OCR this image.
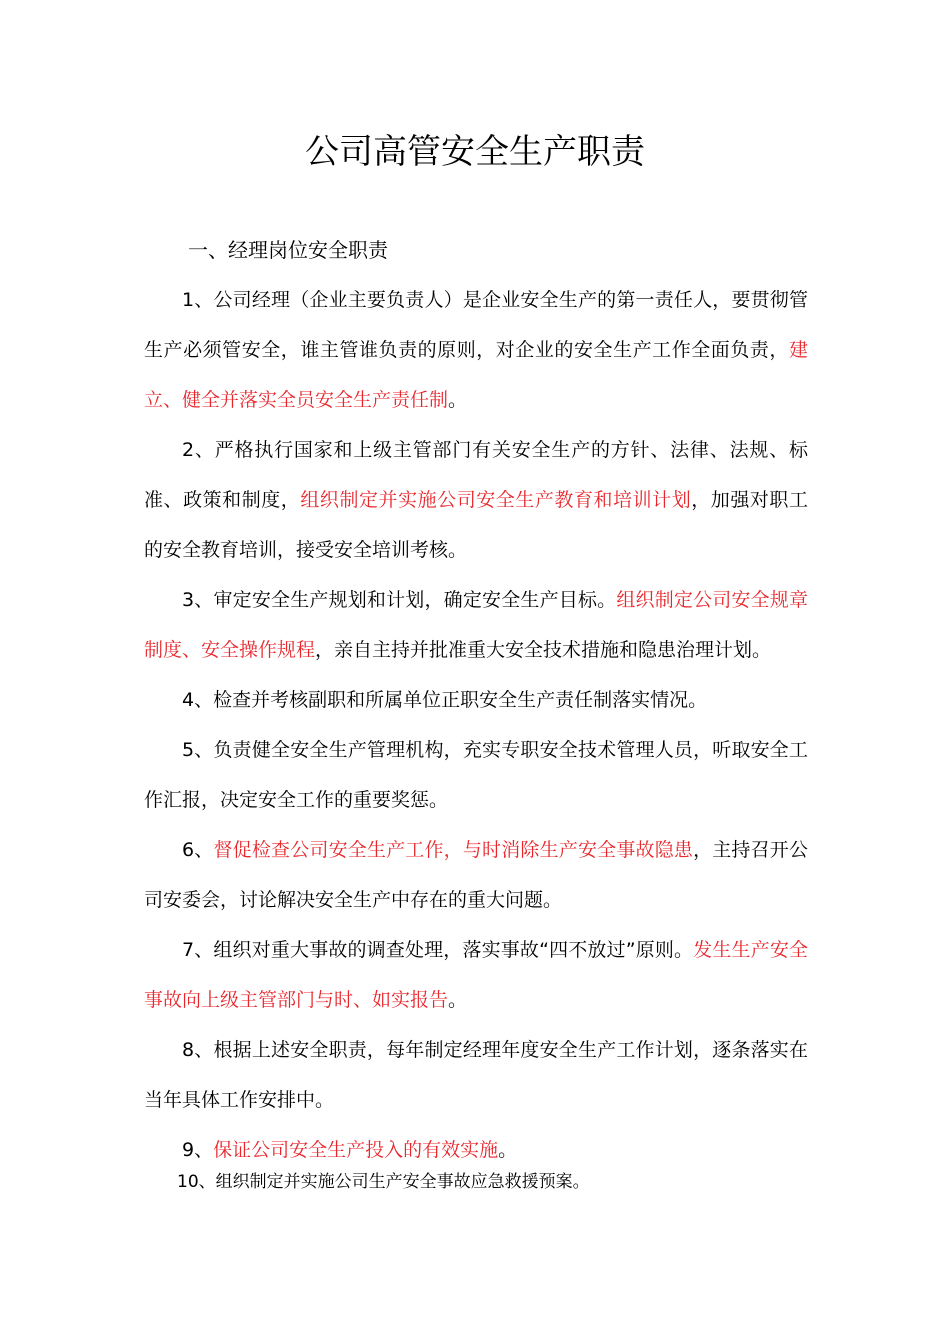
公司高管安全生产职责
一、经理岗位安全职责

1、公司经理（企业主要负责人）是企业安全生产的第一责任人，要贯彻管生产必须管安全，谁主管谁负责的原则，对企业的安全生产工作全面负责，建立、健全并落实全员安全生产责任制。

2、严格执行国家和上级主管部门有关安全生产的方针、法律、法规、标准、政策和制度，组织制定并实施公司安全生产教育和培训计划，加强对职工的安全教育培训，接受安全培训考核。

3、审定安全生产规划和计划，确定安全生产目标。组织制定公司安全规章制度、安全操作规程，亲自主持并批准重大安全技术措施和隐患治理计划。

4、检查并考核副职和所属单位正职安全生产责任制落实情况。

5、负责健全安全生产管理机构，充实专职安全技术管理人员，听取安全工作汇报，决定安全工作的重要奖惩。

6、督促检查公司安全生产工作，与时消除生产安全事故隐患，主持召开公司安委会，讨论解决安全生产中存在的重大问题。

7、组织对重大事故的调查处理，落实事故“四不放过”原则。发生生产安全事故向上级主管部门与时、如实报告。

8、根据上述安全职责，每年制定经理年度安全生产工作计划，逐条落实在当年具体工作安排中。

9、保证公司安全生产投入的有效实施。

10、组织制定并实施公司生产安全事故应急救援预案。
